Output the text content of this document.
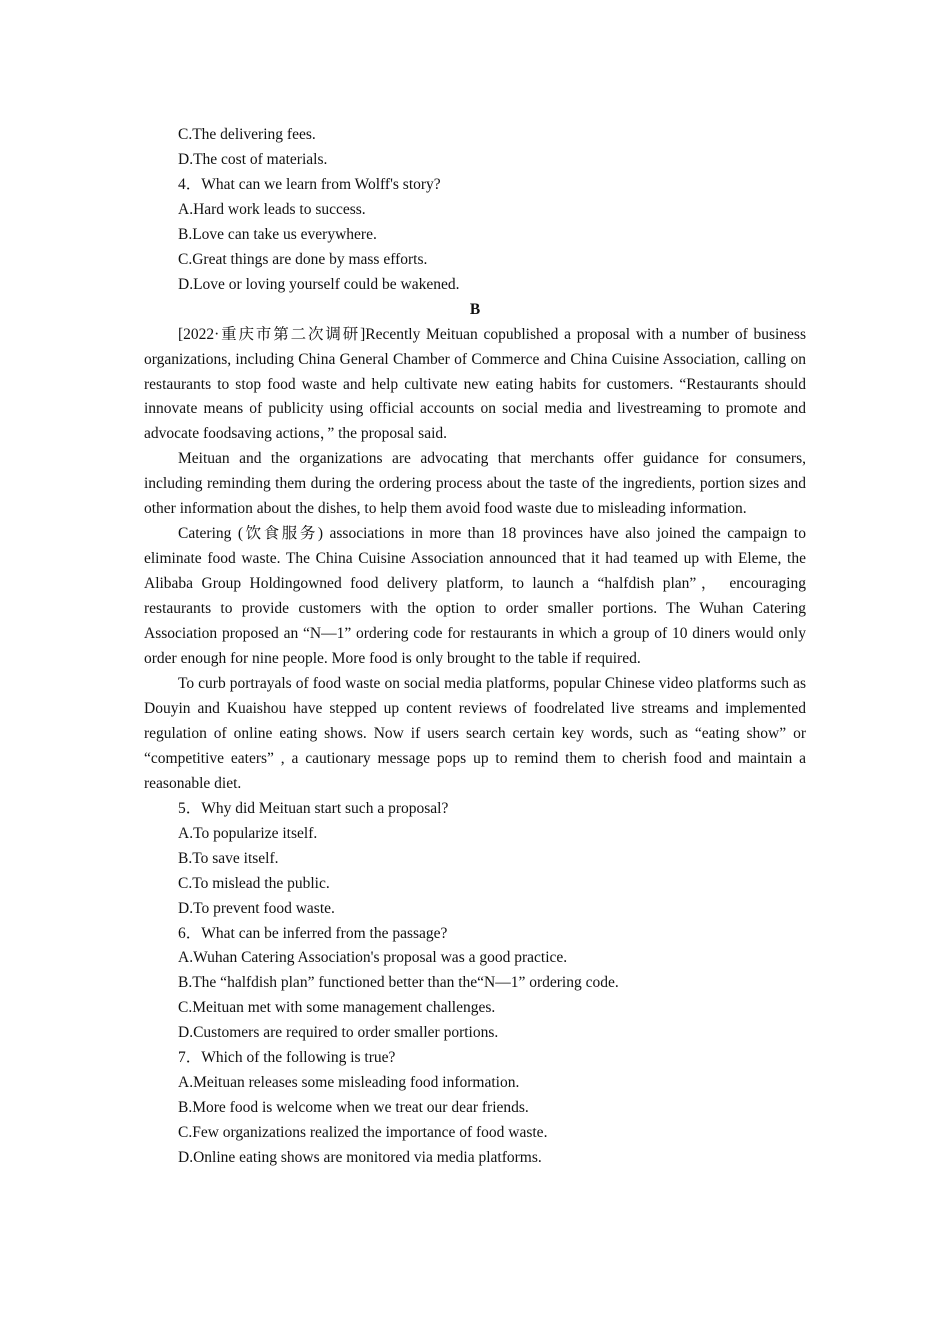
C.The delivering fees.

D.The cost of materials.

4．What can we learn from Wolff's story?

A.Hard work leads to success.

B.Love can take us everywhere.

C.Great things are done by mass efforts.

D.Love or loving yourself could be wakened.

B

[2022·重庆市第二次调研]Recently Meituan copublished a proposal with a number of business organizations, including China General Chamber of Commerce and China Cuisine Association, calling on restaurants to stop food waste and help cultivate new eating habits for customers. “Restaurants should innovate means of publicity using official accounts on social media and livestreaming to promote and advocate foodsaving actions，” the proposal said.

Meituan and the organizations are advocating that merchants offer guidance for consumers, including reminding them during the ordering process about the taste of the ingredients, portion sizes and other information about the dishes, to help them avoid food waste due to misleading information.

Catering (饮食服务) associations in more than 18 provinces have also joined the campaign to eliminate food waste. The China Cuisine Association announced that it had teamed up with Eleme, the Alibaba Group Holdingowned food delivery platform, to launch a “halfdish plan”， encouraging restaurants to provide customers with the option to order smaller portions. The Wuhan Catering Association proposed an “N—1” ordering code for restaurants in which a group of 10 diners would only order enough for nine people. More food is only brought to the table if required.

To curb portrayals of food waste on social media platforms, popular Chinese video platforms such as Douyin and Kuaishou have stepped up content reviews of foodrelated live streams and implemented regulation of online eating shows. Now if users search certain key words, such as “eating show” or “competitive eaters” , a cautionary message pops up to remind them to cherish food and maintain a reasonable diet.

5．Why did Meituan start such a proposal?

A.To popularize itself.

B.To save itself.

C.To mislead the public.

D.To prevent food waste.

6．What can be inferred from the passage?

A.Wuhan Catering Association's proposal was a good practice.

B.The “halfdish plan” functioned better than the“N—1” ordering code.

C.Meituan met with some management challenges.

D.Customers are required to order smaller portions.

7．Which of the following is true?

A.Meituan releases some misleading food information.

B.More food is welcome when we treat our dear friends.

C.Few organizations realized the importance of food waste.

D.Online eating shows are monitored via media platforms.
